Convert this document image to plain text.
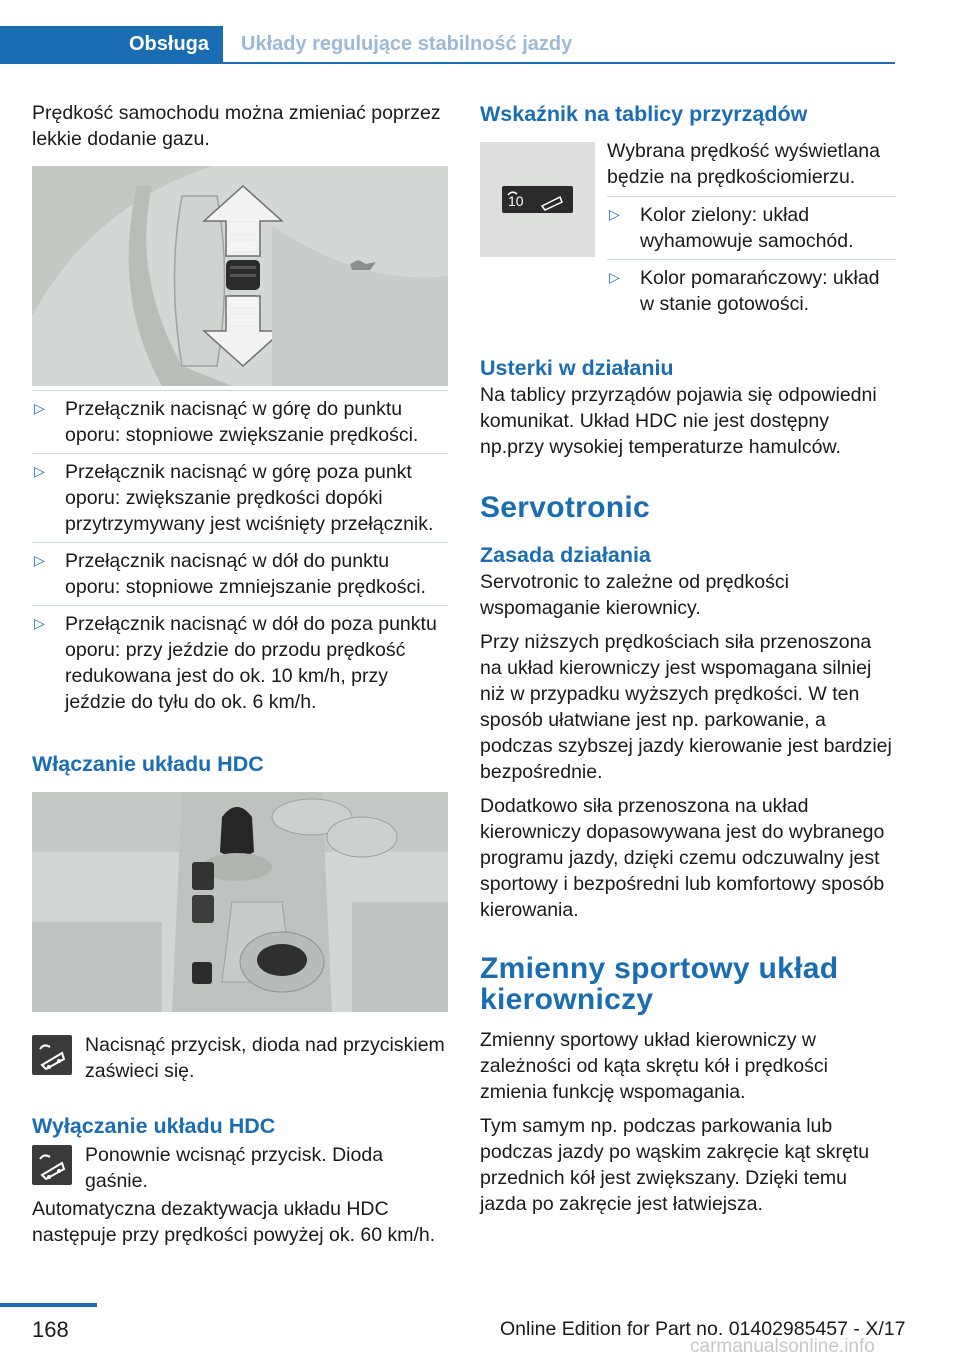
Obsługa	Układy regulujące stabilność jazdy

Prędkość samochodu można zmieniać poprzez lekkie dodanie gazu.

▷ Przełącznik nacisnąć w górę do punktu oporu: stopniowe zwiększanie prędkości.
▷ Przełącznik nacisnąć w górę poza punkt oporu: zwiększanie prędkości dopóki przytrzymywany jest wciśnięty przełącznik.
▷ Przełącznik nacisnąć w dół do punktu oporu: stopniowe zmniejszanie prędkości.
▷ Przełącznik nacisnąć w dół do poza punktu oporu: przy jeździe do przodu prędkość redukowana jest do ok. 10 km/h, przy jeździe do tyłu do ok. 6 km/h.
Włączanie układu HDC

Nacisnąć przycisk, dioda nad przyciskiem zaświeci się.

Wyłączanie układu HDC

Ponownie wcisnąć przycisk. Dioda gaśnie.

Automatyczna dezaktywacja układu HDC następuje przy prędkości powyżej ok. 60 km/h.

Wskaźnik na tablicy przyrządów
10

Wybrana prędkość wyświetlana będzie na prędkościomierzu.

▷ Kolor zielony: układ wyhamowuje samochód.
▷ Kolor pomarańczowy: układ w stanie gotowości.
Usterki w działaniu

Na tablicy przyrządów pojawia się odpowiedni komunikat. Układ HDC nie jest dostępny np.przy wysokiej temperaturze hamulców.

Servotronic
Zasada działania

Servotronic to zależne od prędkości wspomaganie kierownicy.

Przy niższych prędkościach siła przenoszona na układ kierowniczy jest wspomagana silniej niż w przypadku wyższych prędkości. W ten sposób ułatwiane jest np. parkowanie, a podczas szybszej jazdy kierowanie jest bardziej bezpośrednie.

Dodatkowo siła przenoszona na układ kierowniczy dopasowywana jest do wybranego programu jazdy, dzięki czemu odczuwalny jest sportowy i bezpośredni lub komfortowy sposób kierowania.

Zmienny sportowy układ kierowniczy

Zmienny sportowy układ kierowniczy w zależności od kąta skrętu kół i prędkości zmienia funkcję wspomagania.

Tym samym np. podczas parkowania lub podczas jazdy po wąskim zakręcie kąt skrętu przednich kół jest zwiększany. Dzięki temu jazda po zakręcie jest łatwiejsza.

168	Online Edition for Part no. 01402985457 - X/17
carmanualsonline.info
